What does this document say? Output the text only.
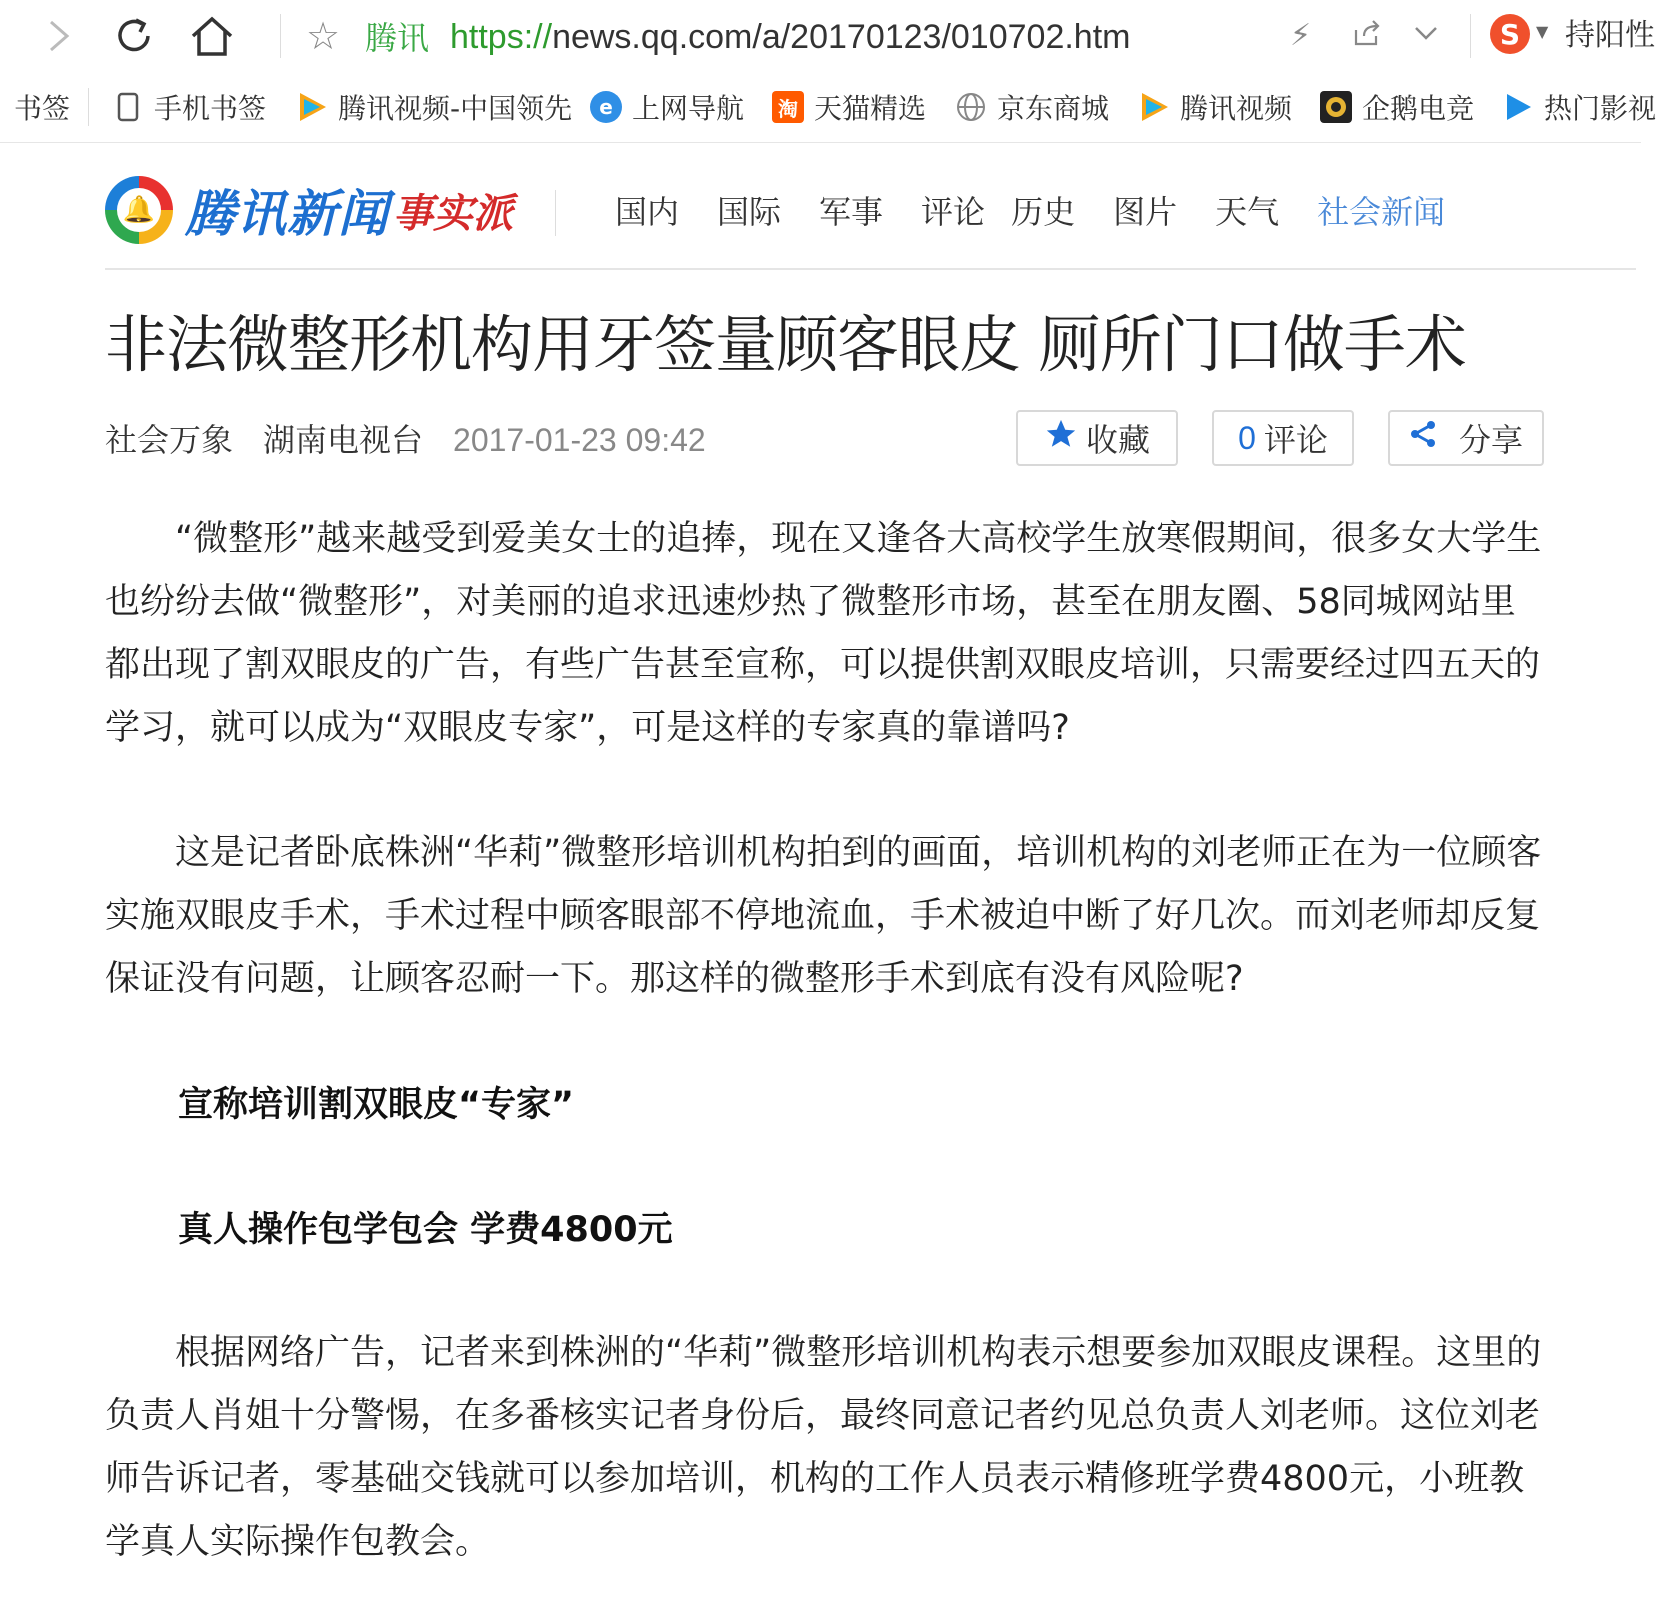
☆ 腾讯 https://news.qq.com/a/20170123/010702.htm	⚡	S ▼ 持阳性
书签	手机书签	腾讯视频-中国领先	e 上网导航	淘 天猫精选	京东商城	腾讯视频 企鹅电竞 热门影视
🔔 腾讯新闻 事实派	国内 国际 军事 评论 历史 图片 天气 社会新闻
非法微整形机构用牙签量顾客眼皮 厕所门口做手术
社会万象 湖南电视台 2017-01-23 09:42	收藏	0 评论	分享

“微整形”越来越受到爱美女士的追捧，现在又逢各大高校学生放寒假期间，很多女大学生也纷纷去做“微整形”，对美丽的追求迅速炒热了微整形市场，甚至在朋友圈、58同城网站里都出现了割双眼皮的广告，有些广告甚至宣称，可以提供割双眼皮培训，只需要经过四五天的学习，就可以成为“双眼皮专家”，可是这样的专家真的靠谱吗?

这是记者卧底株洲“华莉”微整形培训机构拍到的画面，培训机构的刘老师正在为一位顾客实施双眼皮手术，手术过程中顾客眼部不停地流血，手术被迫中断了好几次。而刘老师却反复保证没有问题，让顾客忍耐一下。那这样的微整形手术到底有没有风险呢?

宣称培训割双眼皮“专家”
真人操作包学包会 学费4800元

根据网络广告，记者来到株洲的“华莉”微整形培训机构表示想要参加双眼皮课程。这里的负责人肖姐十分警惕，在多番核实记者身份后，最终同意记者约见总负责人刘老师。这位刘老师告诉记者，零基础交钱就可以参加培训，机构的工作人员表示精修班学费4800元，小班教学真人实际操作包教会。
